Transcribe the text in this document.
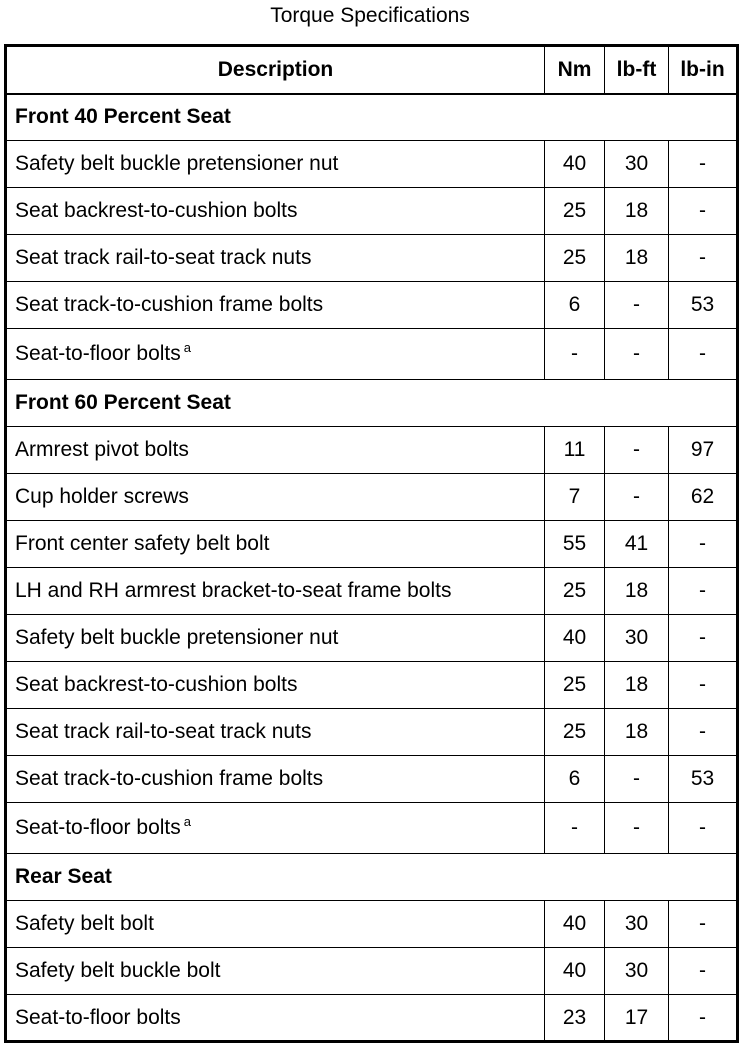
Torque Specifications
Description	Nm	lb-ft	lb-in
Front 40 Percent Seat			
Safety belt buckle pretensioner nut	40	30	-
Seat backrest-to-cushion bolts	25	18	-
Seat track rail-to-seat track nuts	25	18	-
Seat track-to-cushion frame bolts	6	-	53
Seat-to-floor bolts $^a$	-	-	-
Front 60 Percent Seat			
Armrest pivot bolts	11	-	97
Cup holder screws	7	-	62
Front center safety belt bolt	55	41	-
LH and RH armrest bracket-to-seat frame bolts	25	18	-
Safety belt buckle pretensioner nut	40	30	-
Seat backrest-to-cushion bolts	25	18	-
Seat track rail-to-seat track nuts	25	18	-
Seat track-to-cushion frame bolts	6	-	53
Seat-to-floor bolts $^a$	-	-	-
Rear Seat			
Safety belt bolt	40	30	-
Safety belt buckle bolt	40	30	-
Seat-to-floor bolts	23	17	-
